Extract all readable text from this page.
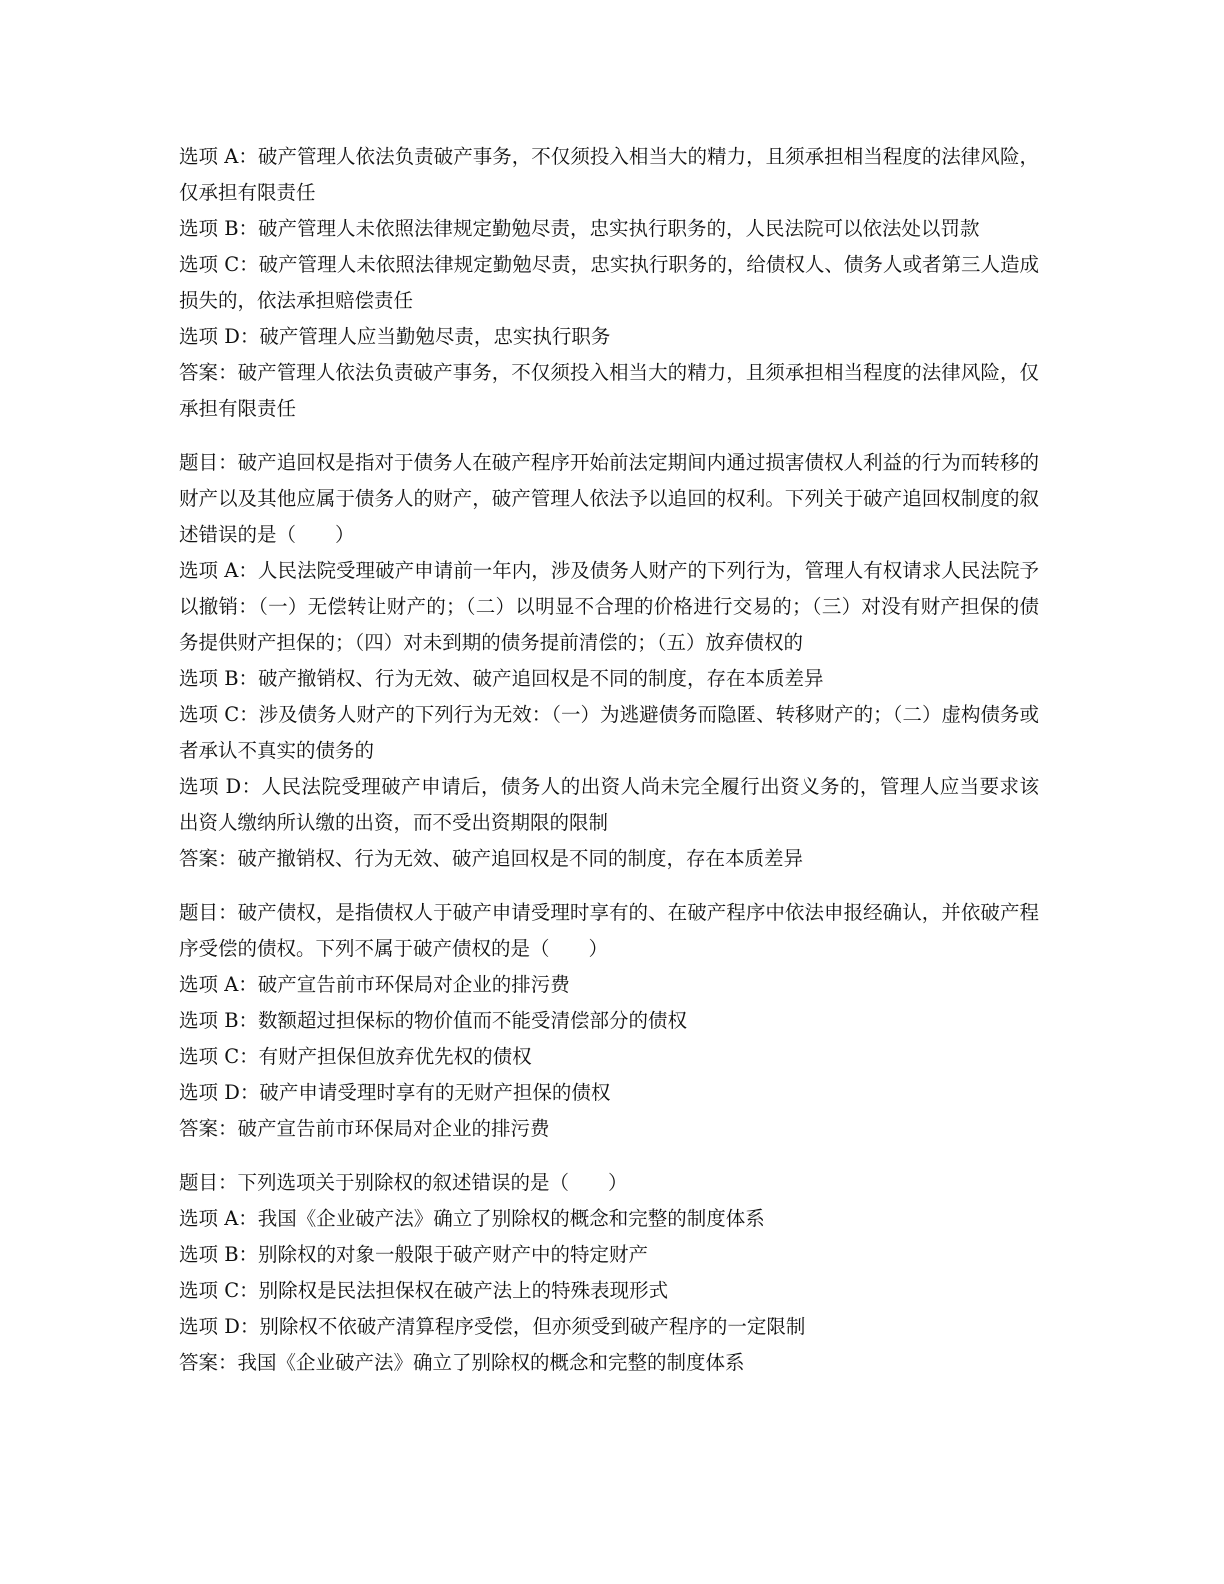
选项 A：破产管理人依法负责破产事务，不仅须投入相当大的精力，且须承担相当程度的法律风险，仅承担有限责任

选项 B：破产管理人未依照法律规定勤勉尽责，忠实执行职务的，人民法院可以依法处以罚款

选项 C：破产管理人未依照法律规定勤勉尽责，忠实执行职务的，给债权人、债务人或者第三人造成损失的，依法承担赔偿责任

选项 D：破产管理人应当勤勉尽责，忠实执行职务

答案：破产管理人依法负责破产事务，不仅须投入相当大的精力，且须承担相当程度的法律风险，仅承担有限责任

题目：破产追回权是指对于债务人在破产程序开始前法定期间内通过损害债权人利益的行为而转移的财产以及其他应属于债务人的财产，破产管理人依法予以追回的权利。下列关于破产追回权制度的叙述错误的是（　　）

选项 A：人民法院受理破产申请前一年内，涉及债务人财产的下列行为，管理人有权请求人民法院予以撤销：（一）无偿转让财产的；（二）以明显不合理的价格进行交易的；（三）对没有财产担保的债务提供财产担保的；（四）对未到期的债务提前清偿的；（五）放弃债权的

选项 B：破产撤销权、行为无效、破产追回权是不同的制度，存在本质差异

选项 C：涉及债务人财产的下列行为无效：（一）为逃避债务而隐匿、转移财产的；（二）虚构债务或者承认不真实的债务的

选项 D：人民法院受理破产申请后，债务人的出资人尚未完全履行出资义务的，管理人应当要求该出资人缴纳所认缴的出资，而不受出资期限的限制

答案：破产撤销权、行为无效、破产追回权是不同的制度，存在本质差异

题目：破产债权，是指债权人于破产申请受理时享有的、在破产程序中依法申报经确认，并依破产程序受偿的债权。下列不属于破产债权的是（　　）

选项 A：破产宣告前市环保局对企业的排污费

选项 B：数额超过担保标的物价值而不能受清偿部分的债权

选项 C：有财产担保但放弃优先权的债权

选项 D：破产申请受理时享有的无财产担保的债权

答案：破产宣告前市环保局对企业的排污费

题目：下列选项关于别除权的叙述错误的是（　　）

选项 A：我国《企业破产法》确立了别除权的概念和完整的制度体系

选项 B：别除权的对象一般限于破产财产中的特定财产

选项 C：别除权是民法担保权在破产法上的特殊表现形式

选项 D：别除权不依破产清算程序受偿，但亦须受到破产程序的一定限制

答案：我国《企业破产法》确立了别除权的概念和完整的制度体系
